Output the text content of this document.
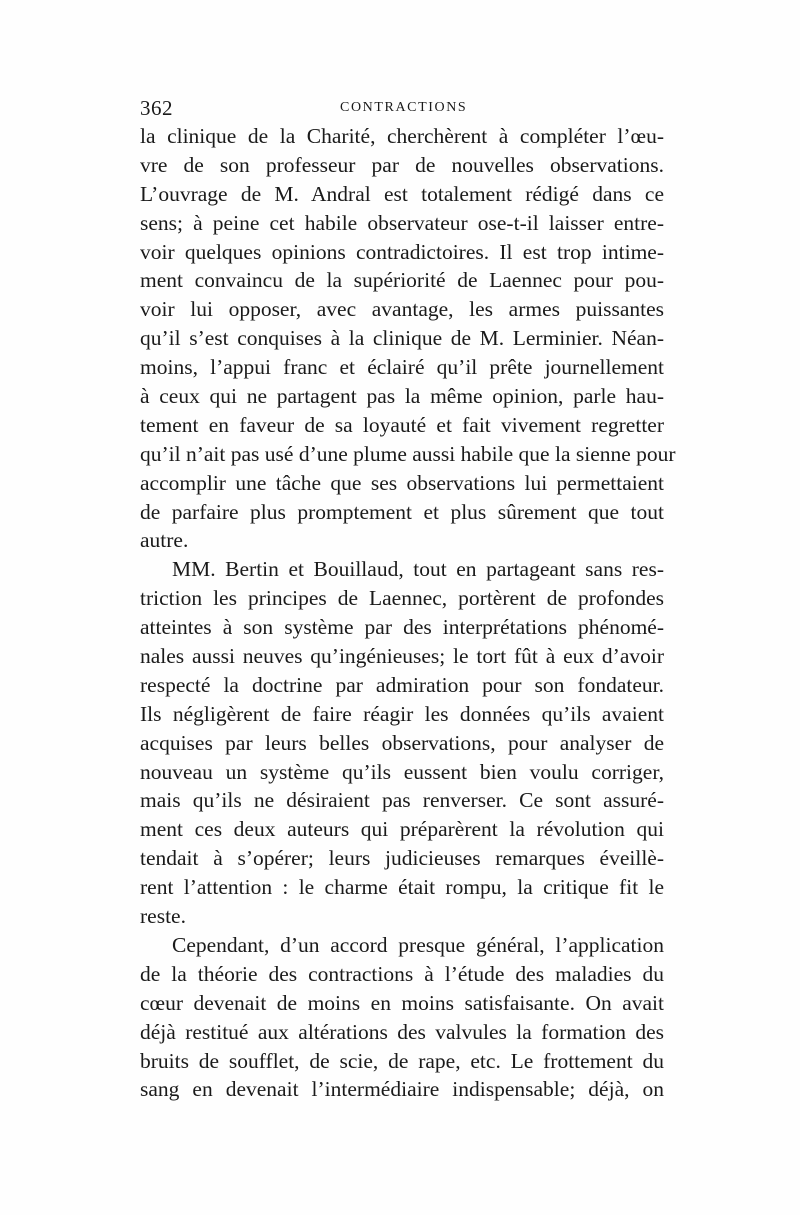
362	CONTRACTIONS
la clinique de la Charité, cherchèrent à compléter l’œu-
vre de son professeur par de nouvelles observations.
L’ouvrage de M. Andral est totalement rédigé dans ce
sens; à peine cet habile observateur ose-t-il laisser entre-
voir quelques opinions contradictoires. Il est trop intime-
ment convaincu de la supériorité de Laennec pour pou-
voir lui opposer, avec avantage, les armes puissantes
qu’il s’est conquises à la clinique de M. Lerminier. Néan-
moins, l’appui franc et éclairé qu’il prête journellement
à ceux qui ne partagent pas la même opinion, parle hau-
tement en faveur de sa loyauté et fait vivement regretter
qu’il n’ait pas usé d’une plume aussi habile que la sienne pour
accomplir une tâche que ses observations lui permettaient
de parfaire plus promptement et plus sûrement que tout
autre.
MM. Bertin et Bouillaud, tout en partageant sans res-
triction les principes de Laennec, portèrent de profondes
atteintes à son système par des interprétations phénomé-
nales aussi neuves qu’ingénieuses; le tort fût à eux d’avoir
respecté la doctrine par admiration pour son fondateur.
Ils négligèrent de faire réagir les données qu’ils avaient
acquises par leurs belles observations, pour analyser de
nouveau un système qu’ils eussent bien voulu corriger,
mais qu’ils ne désiraient pas renverser. Ce sont assuré-
ment ces deux auteurs qui préparèrent la révolution qui
tendait à s’opérer; leurs judicieuses remarques éveillè-
rent l’attention : le charme était rompu, la critique fit le
reste.
Cependant, d’un accord presque général, l’application
de la théorie des contractions à l’étude des maladies du
cœur devenait de moins en moins satisfaisante. On avait
déjà restitué aux altérations des valvules la formation des
bruits de soufflet, de scie, de rape, etc. Le frottement du
sang en devenait l’intermédiaire indispensable; déjà, on
